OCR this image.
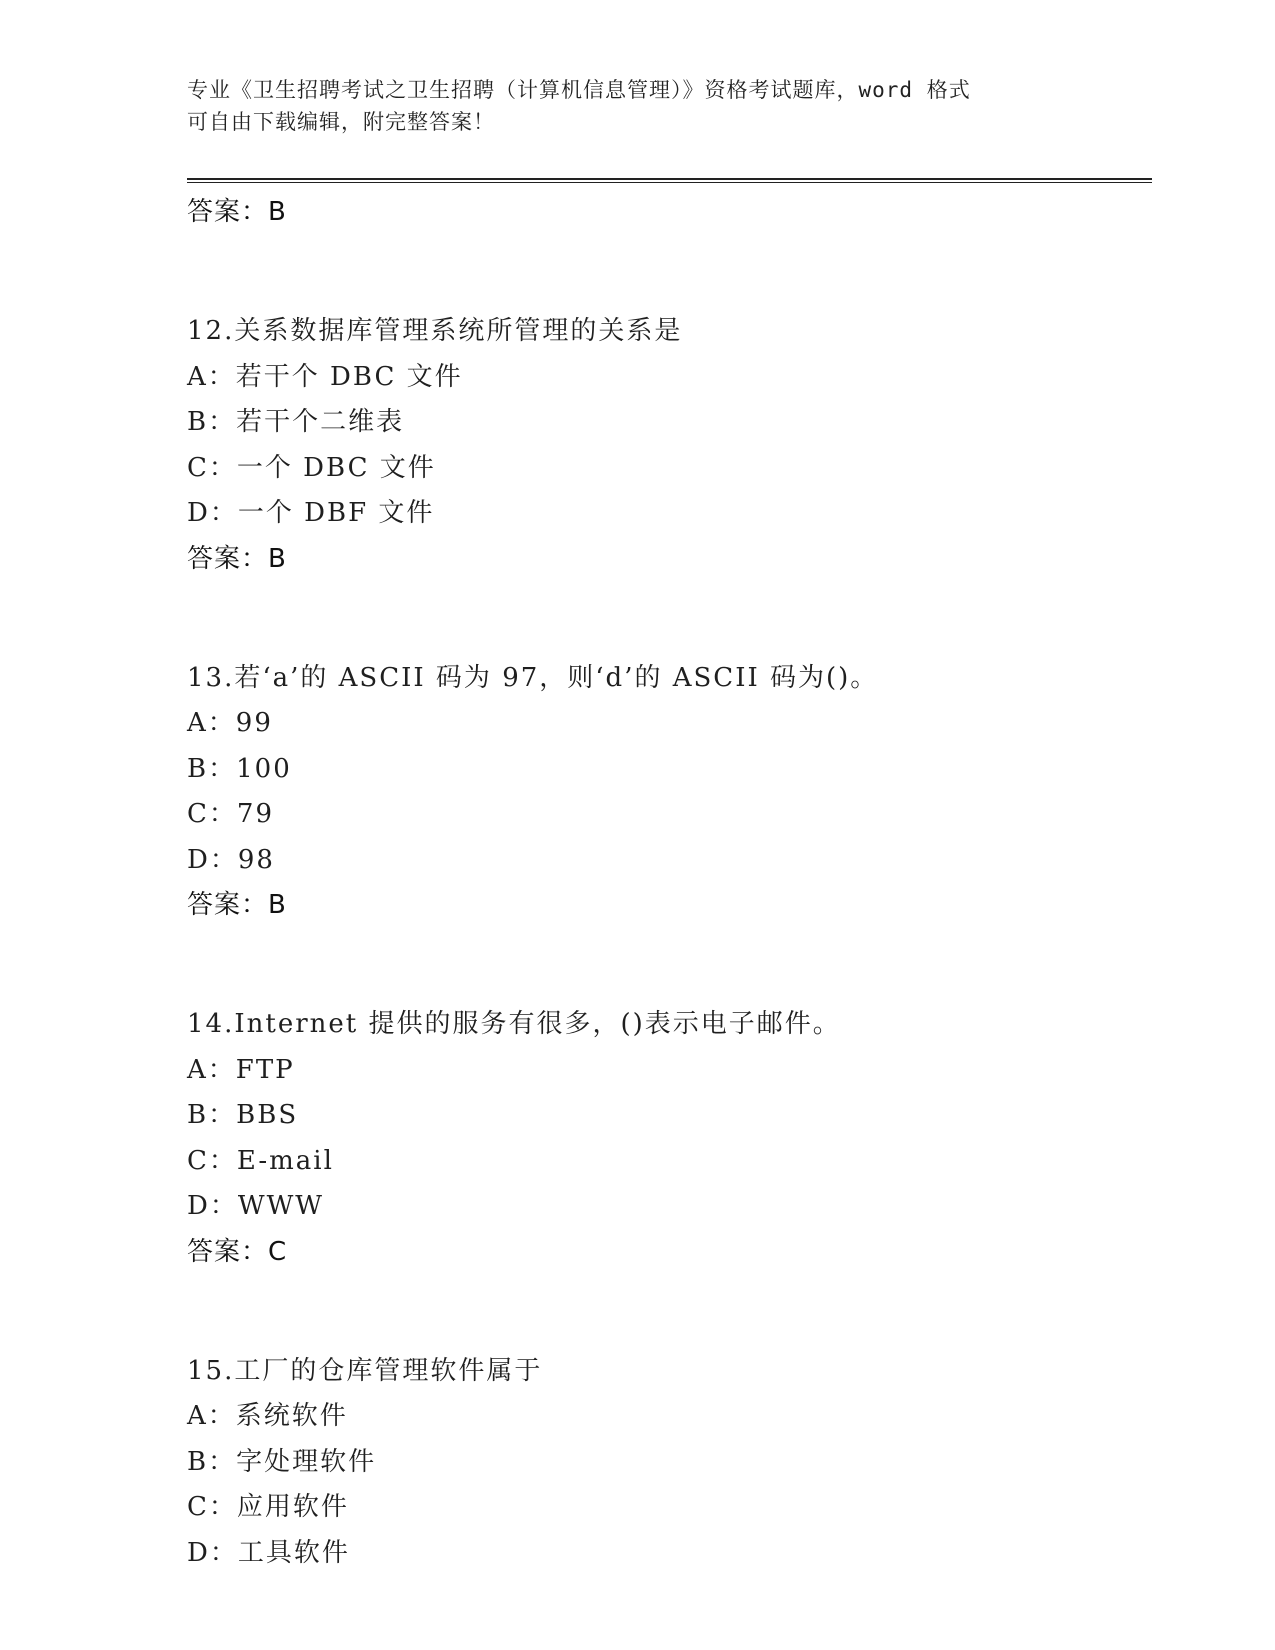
专业《卫生招聘考试之卫生招聘（计算机信息管理）》资格考试题库，word 格式
可自由下载编辑，附完整答案！
答案：B
12.关系数据库管理系统所管理的关系是
A：若干个 DBC 文件
B：若干个二维表
C：一个 DBC 文件
D：一个 DBF 文件
答案：B
13.若‘a’的 ASCII 码为 97，则‘d’的 ASCII 码为()。
A：99
B：100
C：79
D：98
答案：B
14.Internet 提供的服务有很多，()表示电子邮件。
A：FTP
B：BBS
C：E-mail
D：WWW
答案：C
15.工厂的仓库管理软件属于
A：系统软件
B：字处理软件
C：应用软件
D：工具软件
